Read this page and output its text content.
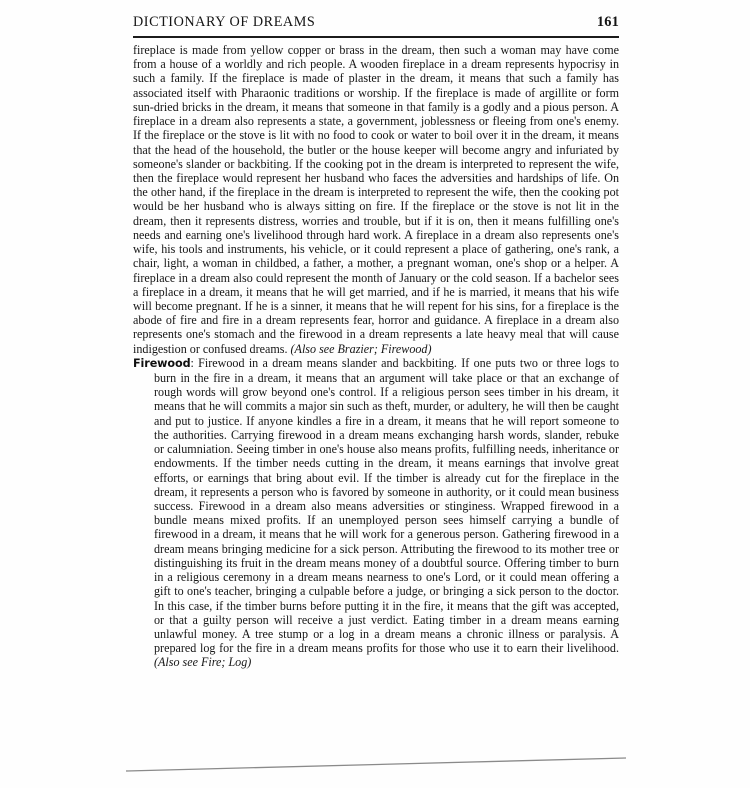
DICTIONARY OF DREAMS	161

fireplace is made from yellow copper or brass in the dream, then such a woman may have come from a house of a worldly and rich people. A wooden fireplace in a dream represents hypocrisy in such a family. If the fireplace is made of plaster in the dream, it means that such a family has associated itself with Pharaonic traditions or worship. If the fireplace is made of argillite or form sun-dried bricks in the dream, it means that someone in that family is a godly and a pious person. A fireplace in a dream also represents a state, a government, joblessness or fleeing from one's enemy. If the fireplace or the stove is lit with no food to cook or water to boil over it in the dream, it means that the head of the household, the butler or the house keeper will become angry and infuriated by someone's slander or backbiting. If the cooking pot in the dream is interpreted to represent the wife, then the fireplace would represent her husband who faces the adversities and hardships of life. On the other hand, if the fireplace in the dream is interpreted to represent the wife, then the cooking pot would be her husband who is always sitting on fire. If the fireplace or the stove is not lit in the dream, then it represents distress, worries and trouble, but if it is on, then it means fulfilling one's needs and earning one's livelihood through hard work. A fireplace in a dream also represents one's wife, his tools and instruments, his vehicle, or it could represent a place of gathering, one's rank, a chair, light, a woman in childbed, a father, a mother, a pregnant woman, one's shop or a helper. A fireplace in a dream also could represent the month of January or the cold season. If a bachelor sees a fireplace in a dream, it means that he will get married, and if he is married, it means that his wife will become pregnant. If he is a sinner, it means that he will repent for his sins, for a fireplace is the abode of fire and fire in a dream represents fear, horror and guidance. A fireplace in a dream also represents one's stomach and the firewood in a dream represents a late heavy meal that will cause indigestion or confused dreams. (Also see Brazier; Firewood)

Firewood: Firewood in a dream means slander and backbiting. If one puts two or three logs to burn in the fire in a dream, it means that an argument will take place or that an exchange of rough words will grow beyond one's control. If a religious person sees timber in his dream, it means that he will commits a major sin such as theft, murder, or adultery, he will then be caught and put to justice. If anyone kindles a fire in a dream, it means that he will report someone to the authorities. Carrying firewood in a dream means exchanging harsh words, slander, rebuke or calumniation. Seeing timber in one's house also means profits, fulfilling needs, inheritance or endowments. If the timber needs cutting in the dream, it means earnings that involve great efforts, or earnings that bring about evil. If the timber is already cut for the fireplace in the dream, it represents a person who is favored by someone in authority, or it could mean business success. Firewood in a dream also means adversities or stinginess. Wrapped firewood in a bundle means mixed profits. If an unemployed person sees himself carrying a bundle of firewood in a dream, it means that he will work for a generous person. Gathering firewood in a dream means bringing medicine for a sick person. Attributing the firewood to its mother tree or distinguishing its fruit in the dream means money of a doubtful source. Offering timber to burn in a religious ceremony in a dream means nearness to one's Lord, or it could mean offering a gift to one's teacher, bringing a culpable before a judge, or bringing a sick person to the doctor. In this case, if the timber burns before putting it in the fire, it means that the gift was accepted, or that a guilty person will receive a just verdict. Eating timber in a dream means earning unlawful money. A tree stump or a log in a dream means a chronic illness or paralysis. A prepared log for the fire in a dream means profits for those who use it to earn their livelihood. (Also see Fire; Log)
